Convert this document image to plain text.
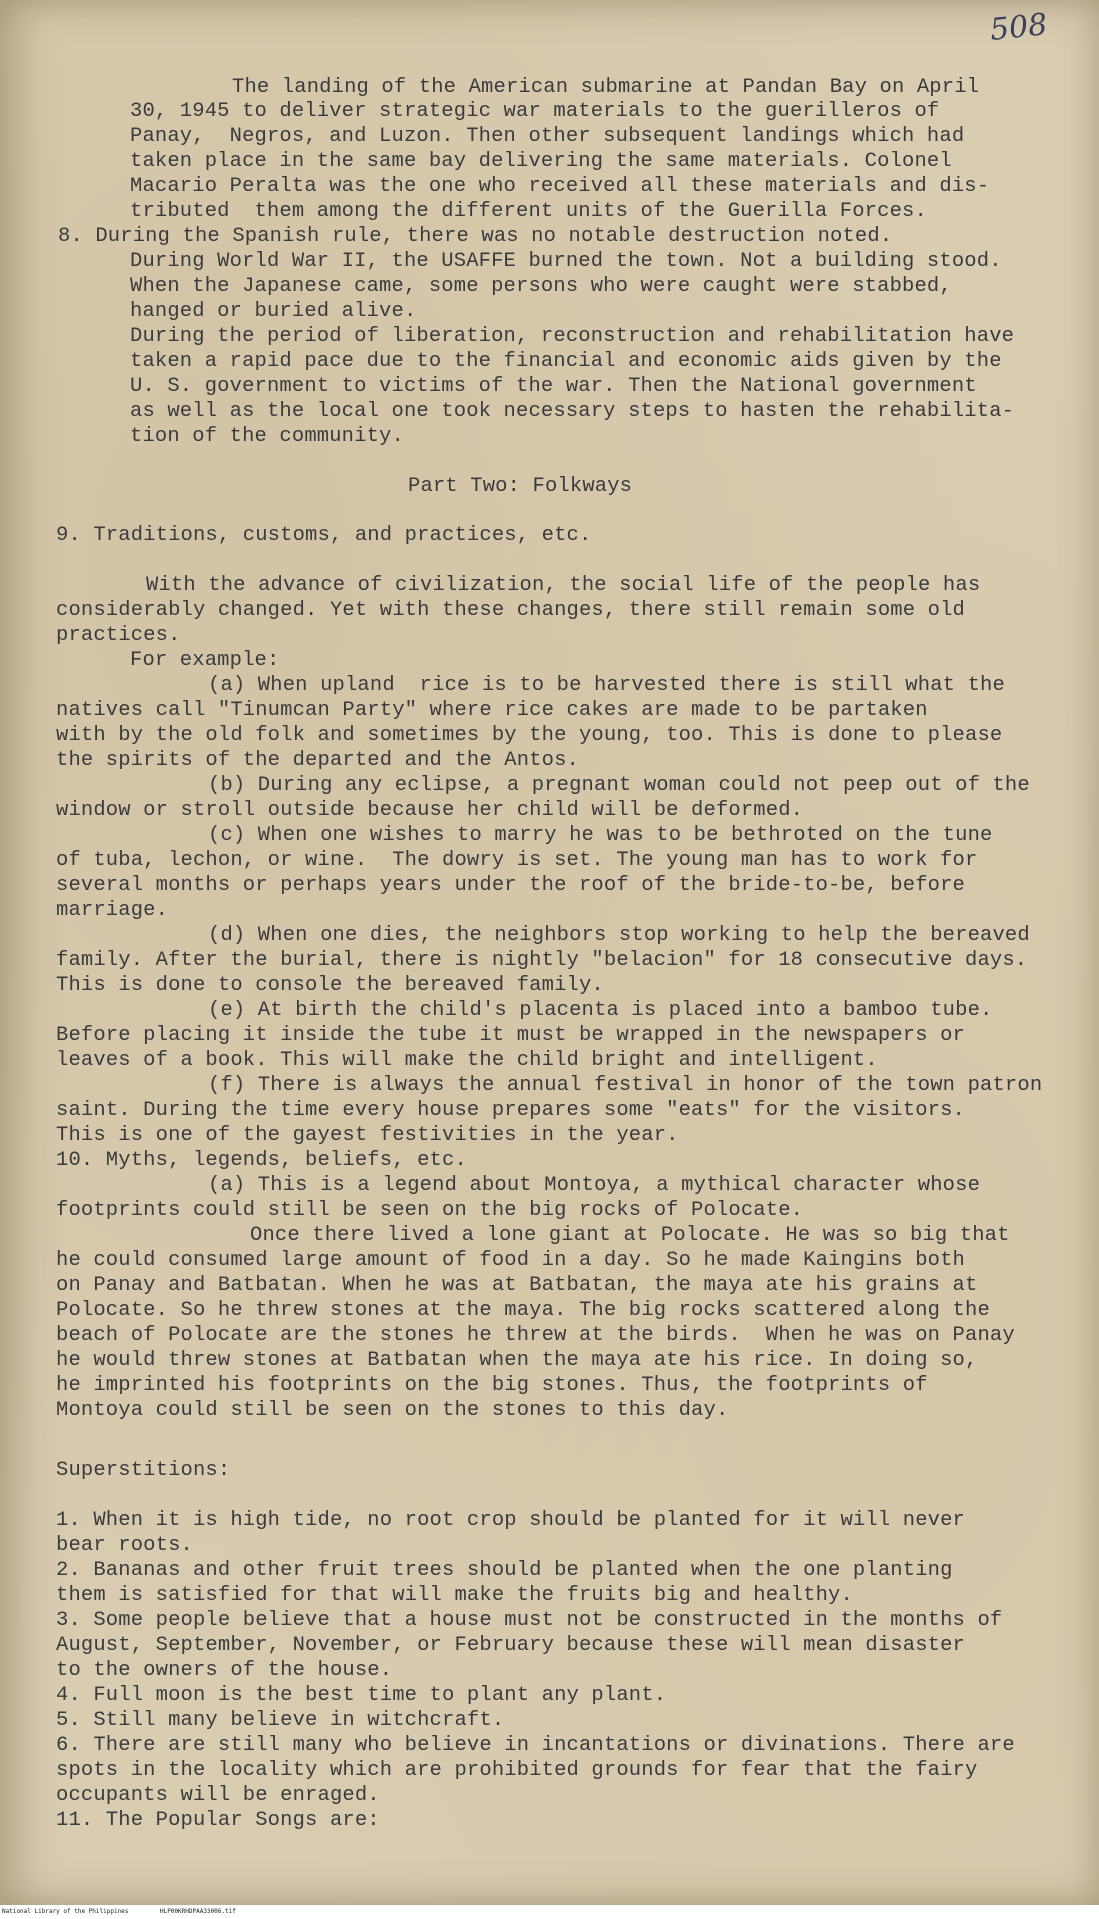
508
The landing of the American submarine at Pandan Bay on April
30, 1945 to deliver strategic war materials to the guerilleros of
Panay,  Negros, and Luzon. Then other subsequent landings which had
taken place in the same bay delivering the same materials. Colonel
Macario Peralta was the one who received all these materials and dis-
tributed  them among the different units of the Guerilla Forces.
8. During the Spanish rule, there was no notable destruction noted.
During World War II, the USAFFE burned the town. Not a building stood.
When the Japanese came, some persons who were caught were stabbed,
hanged or buried alive.
During the period of liberation, reconstruction and rehabilitation have
taken a rapid pace due to the financial and economic aids given by the
U. S. government to victims of the war. Then the National government
as well as the local one took necessary steps to hasten the rehabilita-
tion of the community.
Part Two: Folkways
9. Traditions, customs, and practices, etc.
With the advance of civilization, the social life of the people has
considerably changed. Yet with these changes, there still remain some old
practices.
For example:
(a) When upland  rice is to be harvested there is still what the
natives call "Tinumcan Party" where rice cakes are made to be partaken
with by the old folk and sometimes by the young, too. This is done to please
the spirits of the departed and the Antos.
(b) During any eclipse, a pregnant woman could not peep out of the
window or stroll outside because her child will be deformed.
(c) When one wishes to marry he was to be bethroted on the tune
of tuba, lechon, or wine.  The dowry is set. The young man has to work for
several months or perhaps years under the roof of the bride-to-be, before
marriage.
(d) When one dies, the neighbors stop working to help the bereaved
family. After the burial, there is nightly "belacion" for 18 consecutive days.
This is done to console the bereaved family.
(e) At birth the child's placenta is placed into a bamboo tube.
Before placing it inside the tube it must be wrapped in the newspapers or
leaves of a book. This will make the child bright and intelligent.
(f) There is always the annual festival in honor of the town patron
saint. During the time every house prepares some "eats" for the visitors.
This is one of the gayest festivities in the year.
10. Myths, legends, beliefs, etc.
(a) This is a legend about Montoya, a mythical character whose
footprints could still be seen on the big rocks of Polocate.
Once there lived a lone giant at Polocate. He was so big that
he could consumed large amount of food in a day. So he made Kaingins both
on Panay and Batbatan. When he was at Batbatan, the maya ate his grains at
Polocate. So he threw stones at the maya. The big rocks scattered along the
beach of Polocate are the stones he threw at the birds.  When he was on Panay
he would threw stones at Batbatan when the maya ate his rice. In doing so,
he imprinted his footprints on the big stones. Thus, the footprints of
Montoya could still be seen on the stones to this day.
Superstitions:
1. When it is high tide, no root crop should be planted for it will never
bear roots.
2. Bananas and other fruit trees should be planted when the one planting
them is satisfied for that will make the fruits big and healthy.
3. Some people believe that a house must not be constructed in the months of
August, September, November, or February because these will mean disaster
to the owners of the house.
4. Full moon is the best time to plant any plant.
5. Still many believe in witchcraft.
6. There are still many who believe in incantations or divinations. There are
spots in the locality which are prohibited grounds for fear that the fairy
occupants will be enraged.
11. The Popular Songs are:
National Library of the Philippines	HLP00KRHDPAA33006.tif
